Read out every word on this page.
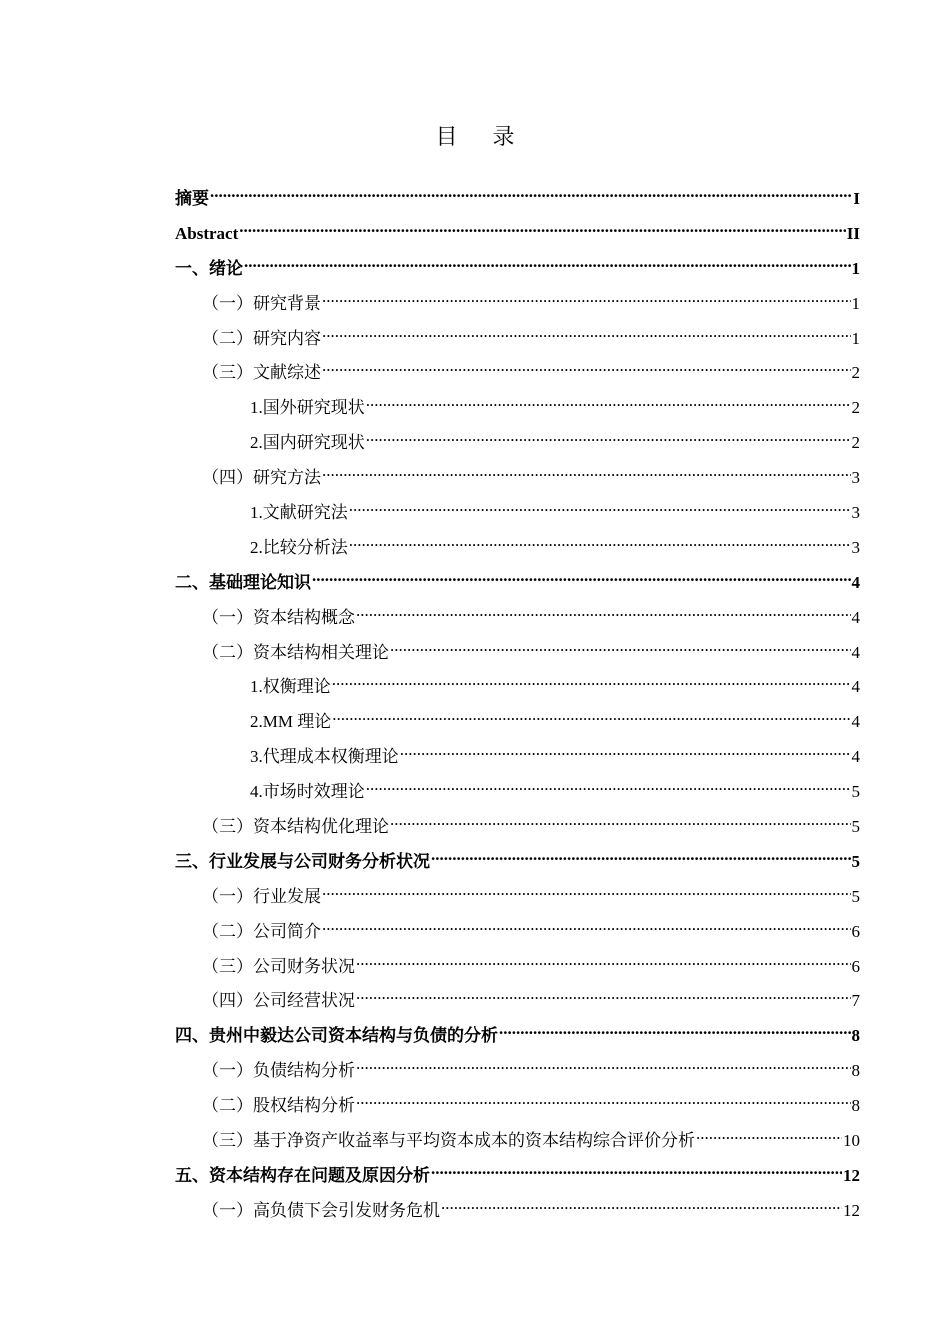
目 录
摘要 .....	I
Abstract .....	II
一、绪论 .....	1
（一）研究背景 .....	1
（二）研究内容 .....	1
（三）文献综述 .....	2
1.国外研究现状 .....	2
2.国内研究现状 .....	2
（四）研究方法 .....	3
1.文献研究法 .....	3
2.比较分析法 .....	3
二、基础理论知识 .....	4
（一）资本结构概念 .....	4
（二）资本结构相关理论 .....	4
1.权衡理论 .....	4
2.MM 理论 .....	4
3.代理成本权衡理论 .....	4
4.市场时效理论 .....	5
（三）资本结构优化理论 .....	5
三、行业发展与公司财务分析状况 .....	5
（一）行业发展 .....	5
（二）公司简介 .....	6
（三）公司财务状况 .....	6
（四）公司经营状况 .....	7
四、贵州中毅达公司资本结构与负债的分析 .....	8
（一）负债结构分析 .....	8
（二）股权结构分析 .....	8
（三）基于净资产收益率与平均资本成本的资本结构综合评价分析 .....	10
五、资本结构存在问题及原因分析 .....	12
（一）高负债下会引发财务危机 .....	12
